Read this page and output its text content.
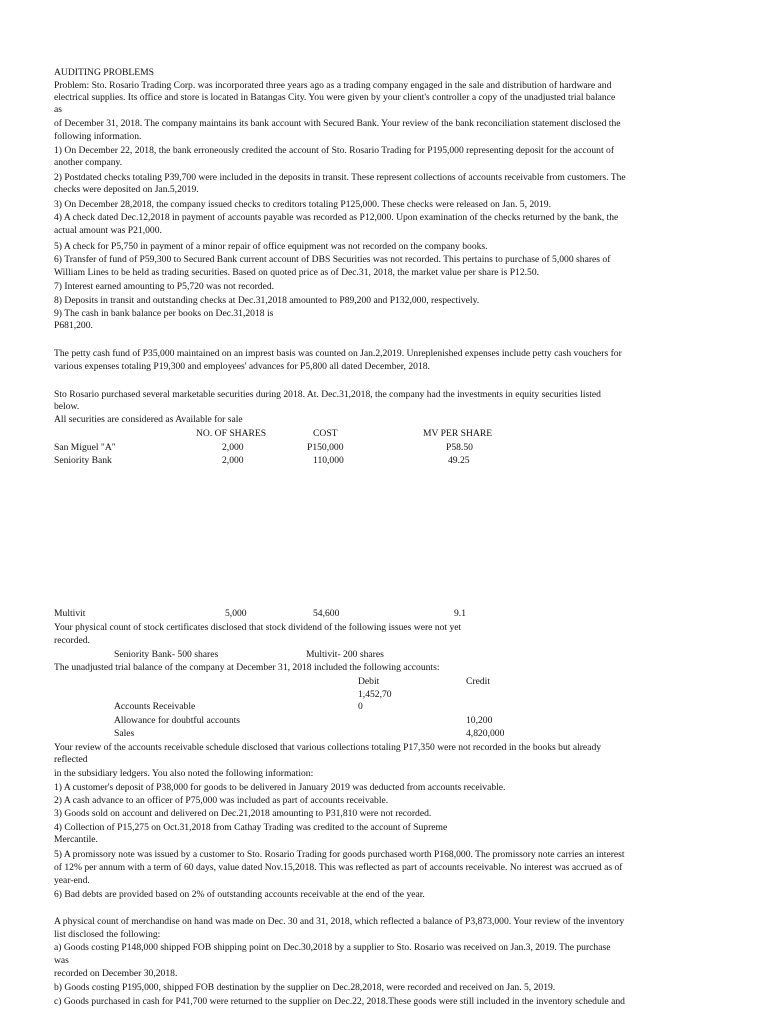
AUDITING PROBLEMS
Problem: Sto. Rosario Trading Corp. was incorporated three years ago as a trading company engaged in the sale and distribution of hardware and
electrical supplies. Its office and store is located in Batangas City. You were given by your client's controller a copy of the unadjusted trial balance
as
of December 31, 2018. The company maintains its bank account with Secured Bank. Your review of the bank reconciliation statement disclosed the
following information.
1) On December 22, 2018, the bank erroneously credited the account of Sto. Rosario Trading for P195,000 representing deposit for the account of
another company.
2) Postdated checks totaling P39,700 were included in the deposits in transit. These represent collections of accounts receivable from customers. The
checks were deposited on Jan.5,2019.
3) On December 28,2018, the company issued checks to creditors totaling P125,000. These checks were released on Jan. 5, 2019.
4) A check dated Dec.12,2018 in payment of accounts payable was recorded as P12,000. Upon examination of the checks returned by the bank, the
actual amount was P21,000.
5) A check for P5,750 in payment of a minor repair of office equipment was not recorded on the company books.
6) Transfer of fund of P59,300 to Secured Bank current account of DBS Securities was not recorded. This pertains to purchase of 5,000 shares of
William Lines to be held as trading securities. Based on quoted price as of Dec.31, 2018, the market value per share is P12.50.
7) Interest earned amounting to P5,720 was not recorded.
8) Deposits in transit and outstanding checks at Dec.31,2018 amounted to P89,200 and P132,000, respectively.
9) The cash in bank balance per books on Dec.31,2018 is
P681,200.
The petty cash fund of P35,000 maintained on an imprest basis was counted on Jan.2,2019. Unreplenished expenses include petty cash vouchers for
various expenses totaling P19,300 and employees' advances for P5,800 all dated December, 2018.
Sto Rosario purchased several marketable securities during 2018. At. Dec.31,2018, the company had the investments in equity securities listed
below.
All securities are considered as Available for sale
NO. OF SHARES	COST	MV PER SHARE
San Miguel "A"	2,000	P150,000	P58.50
Seniority Bank	2,000	110,000	49.25
Multivit	5,000	54,600	9.1
Your physical count of stock certificates disclosed that stock dividend of the following issues were not yet
recorded.
Seniority Bank- 500 shares	Multivit- 200 shares
The unadjusted trial balance of the company at December 31, 2018 included the following accounts:
Debit	Credit
1,452,70
Accounts Receivable	0
Allowance for doubtful accounts	10,200
Sales	4,820,000
Your review of the accounts receivable schedule disclosed that various collections totaling P17,350 were not recorded in the books but already
reflected
in the subsidiary ledgers. You also noted the following information:
1) A customer's deposit of P38,000 for goods to be delivered in January 2019 was deducted from accounts receivable.
2) A cash advance to an officer of P75,000 was included as part of accounts receivable.
3) Goods sold on account and delivered on Dec.21,2018 amounting to P31,810 were not recorded.
4) Collection of P15,275 on Oct.31,2018 from Cathay Trading was credited to the account of Supreme
Mercantile.
5) A promissory note was issued by a customer to Sto. Rosario Trading for goods purchased worth P168,000. The promissory note carries an interest
of 12% per annum with a term of 60 days, value dated Nov.15,2018. This was reflected as part of accounts receivable. No interest was accrued as of
year-end.
6) Bad debts are provided based on 2% of outstanding accounts receivable at the end of the year.
A physical count of merchandise on hand was made on Dec. 30 and 31, 2018, which reflected a balance of P3,873,000. Your review of the inventory
list disclosed the following:
a) Goods costing P148,000 shipped FOB shipping point on Dec.30,2018 by a supplier to Sto. Rosario was received on Jan.3, 2019. The purchase
was
recorded on December 30,2018.
b) Goods costing P195,000, shipped FOB destination by the supplier on Dec.28,2018, were recorded and received on Jan. 5, 2019.
c) Goods purchased in cash for P41,700 were returned to the supplier on Dec.22, 2018.These goods were still included in the inventory schedule and
